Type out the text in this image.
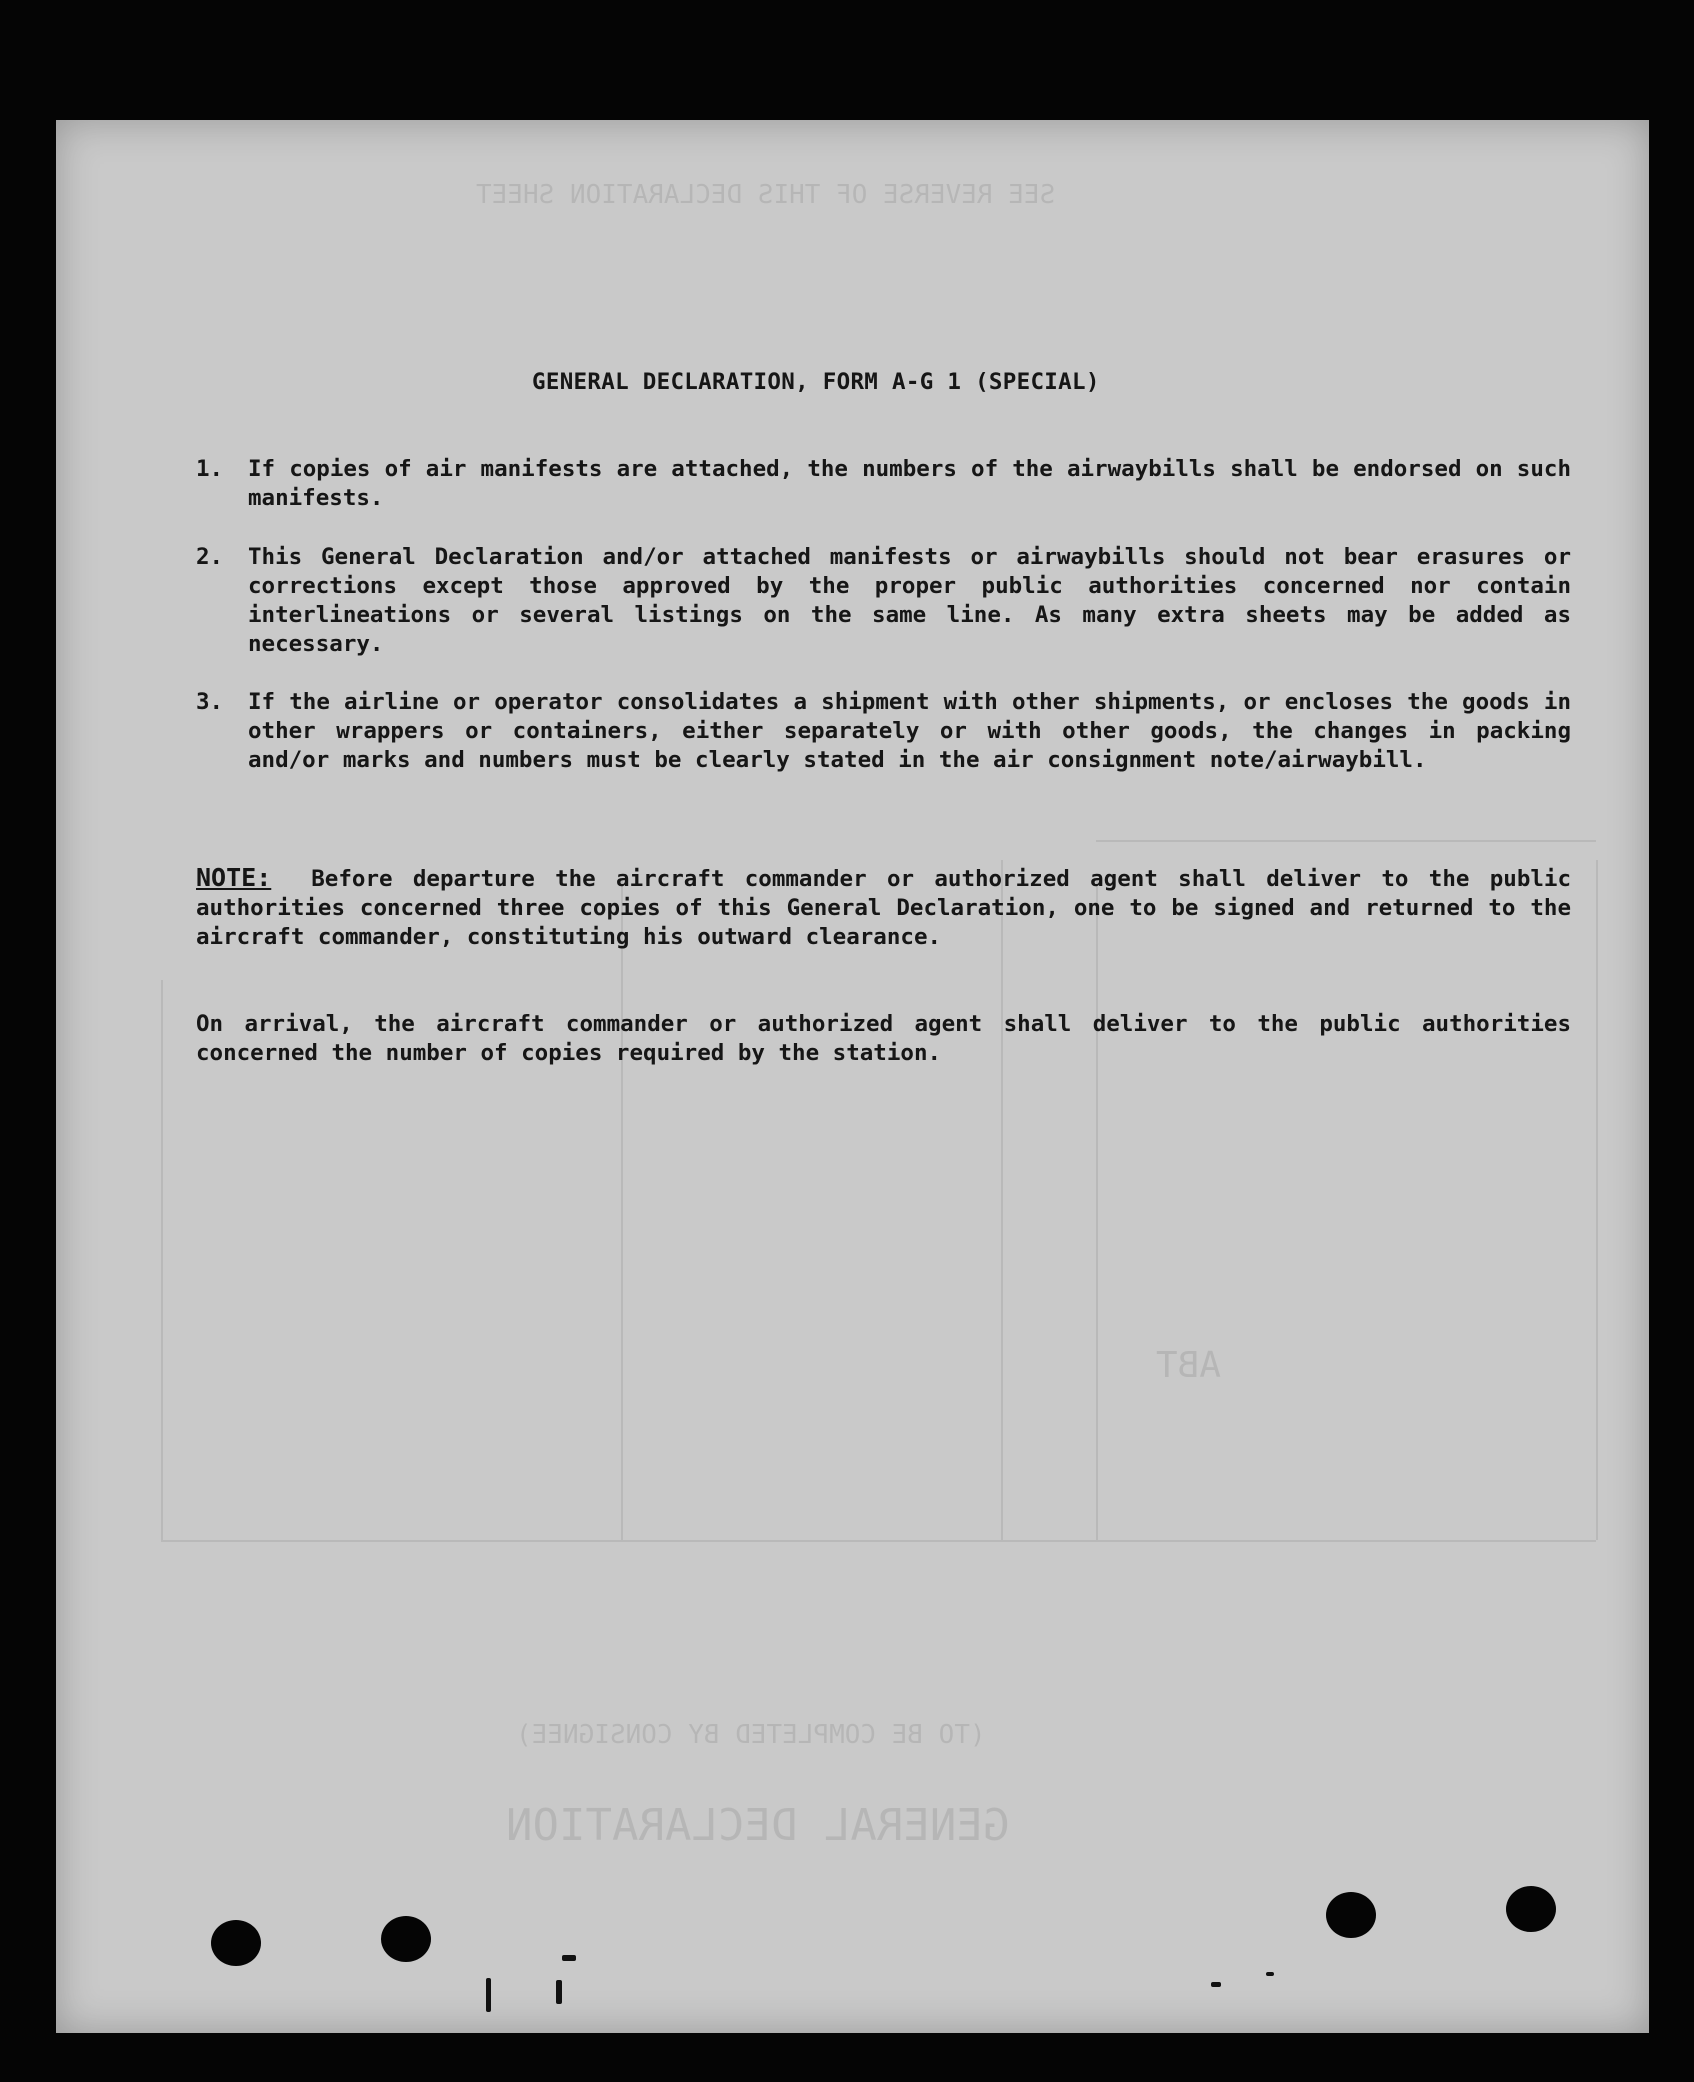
SEE REVERSE OF THIS DECLARATION SHEET
(TO BE COMPLETED BY CONSIGNEE)
GENERAL DECLARATION
ABT
GENERAL DECLARATION, FORM A-G 1 (SPECIAL)
1. If copies of air manifests are attached, the numbers of the airwaybills shall be endorsed on such manifests.
2. This General Declaration and/or attached manifests or airwaybills should not bear erasures or corrections except those approved by the proper public authorities concerned nor contain interlineations or several listings on the same line. As many extra sheets may be added as necessary.
3. If the airline or operator consolidates a shipment with other shipments, or encloses the goods in other wrappers or containers, either separately or with other goods, the changes in packing and/or marks and numbers must be clearly stated in the air consignment note/airwaybill.
NOTE: Before departure the aircraft commander or authorized agent shall deliver to the public authorities concerned three copies of this General Declaration, one to be signed and returned to the aircraft commander, constituting his outward clearance.
On arrival, the aircraft commander or authorized agent shall deliver to the public authorities concerned the number of copies required by the station.
